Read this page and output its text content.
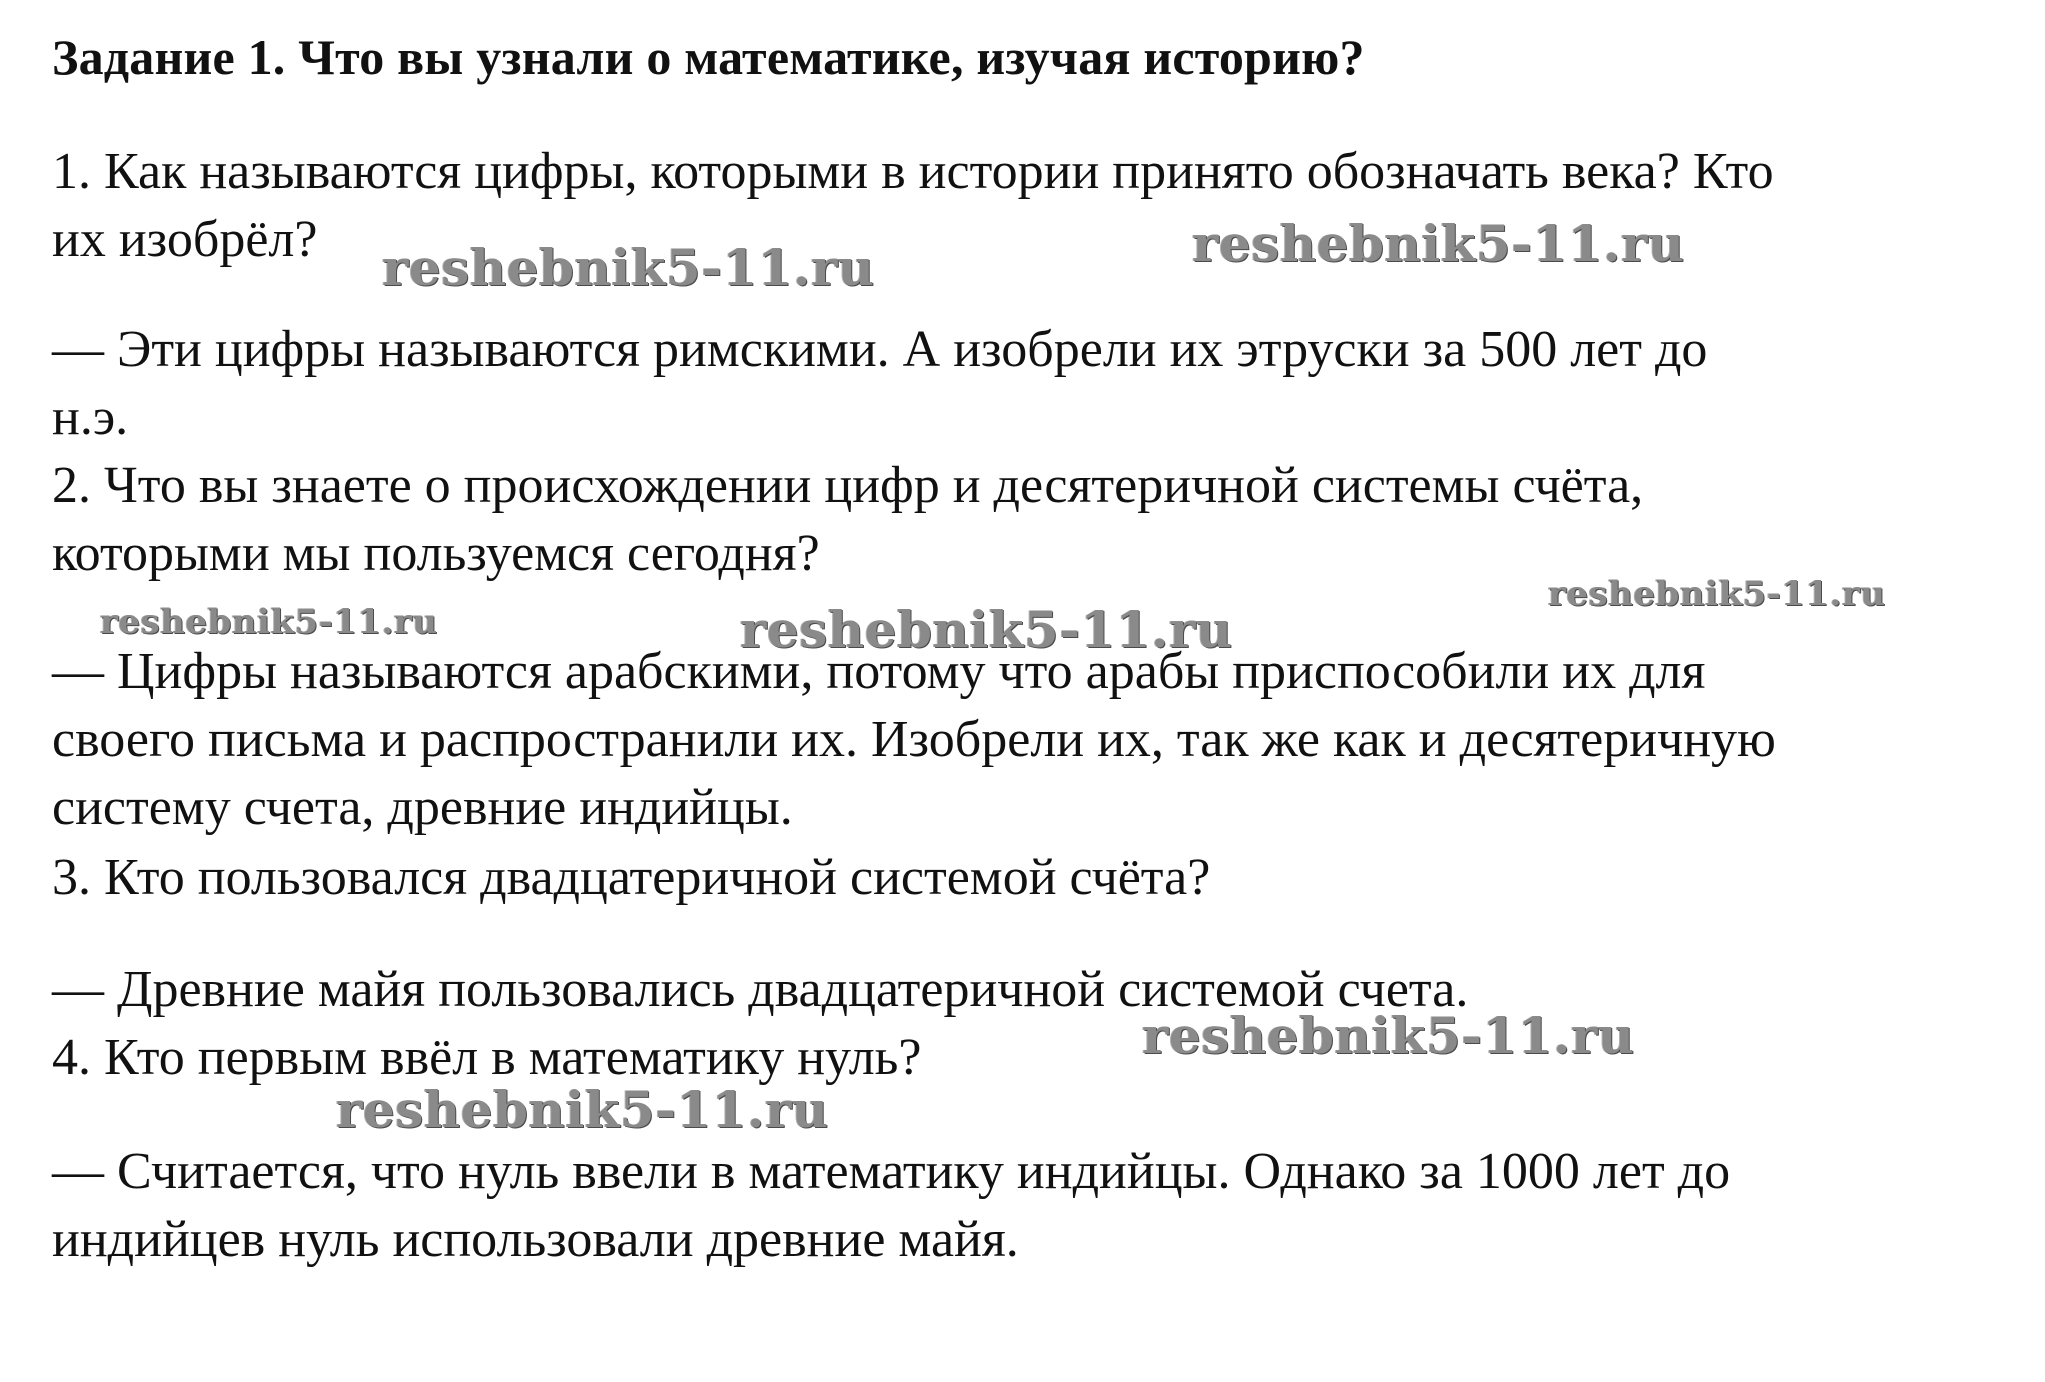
Задание 1. Что вы узнали о математике, изучая историю?
1. Как называются цифры, которыми в истории принято обозначать века? Кто
их изобрёл?
— Эти цифры называются римскими. А изобрели их этруски за 500 лет до
н.э.
2. Что вы знаете о происхождении цифр и десятеричной системы счёта,
которыми мы пользуемся сегодня?
— Цифры называются арабскими, потому что арабы приспособили их для
своего письма и распространили их. Изобрели их, так же как и десятеричную
систему счета, древние индийцы.
3. Кто пользовался двадцатеричной системой счёта?
— Древние майя пользовались двадцатеричной системой счета.
4. Кто первым ввёл в математику нуль?
— Считается, что нуль ввели в математику индийцы. Однако за 1000 лет до
индийцев нуль использовали древние майя.
reshebnik5-11.ru	reshebnik5-11.ru
reshebnik5-11.ru	reshebnik5-11.ru
reshebnik5-11.ru
reshebnik5-11.ru
reshebnik5-11.ru
